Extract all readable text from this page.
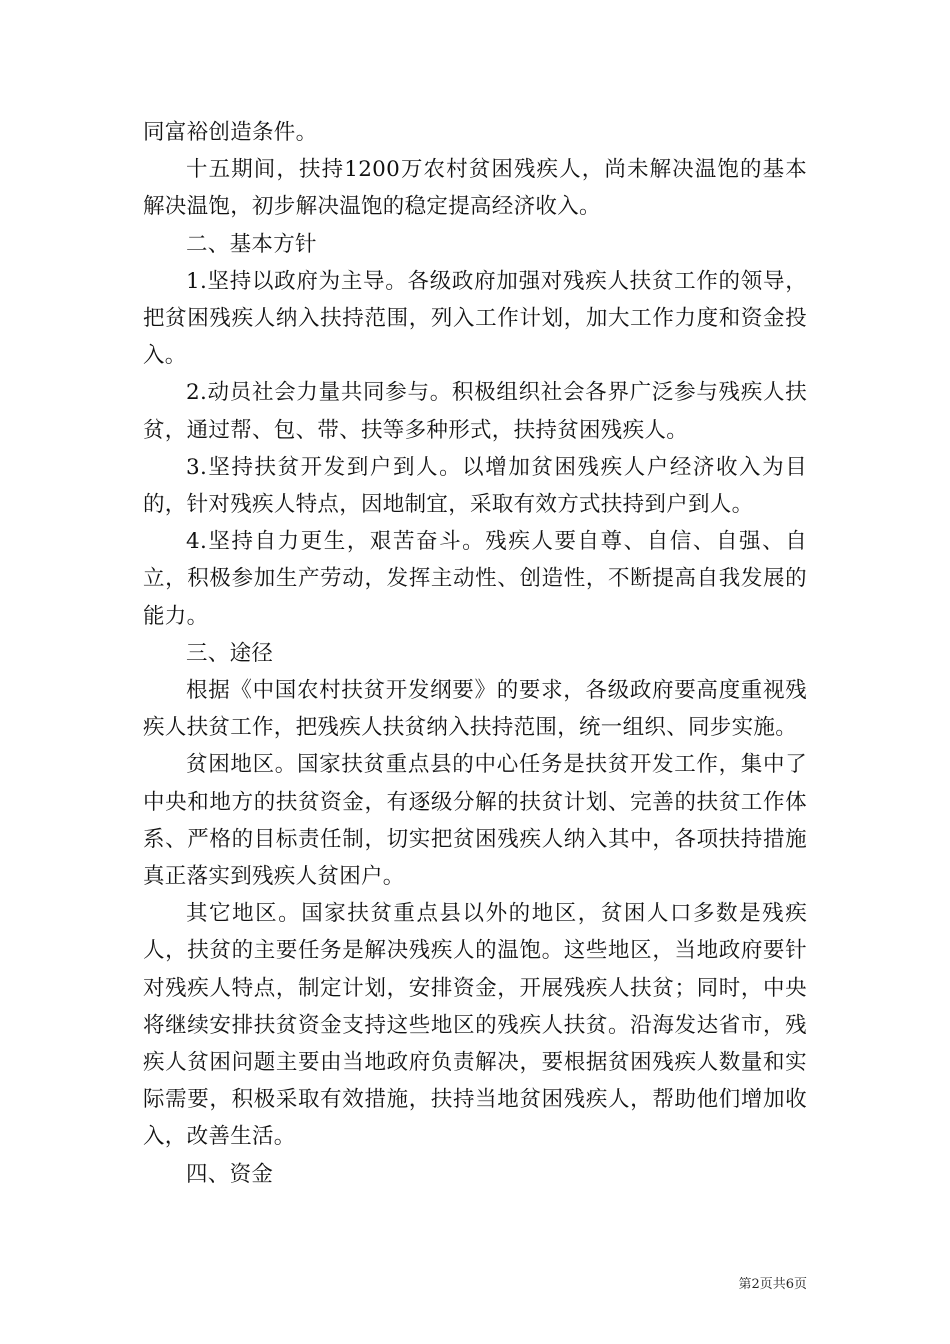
同富裕创造条件。

十五期间，扶持1200万农村贫困残疾人，尚未解决温饱的基本解决温饱，初步解决温饱的稳定提高经济收入。

二、基本方针

1.坚持以政府为主导。各级政府加强对残疾人扶贫工作的领导，把贫困残疾人纳入扶持范围，列入工作计划，加大工作力度和资金投入。

2.动员社会力量共同参与。积极组织社会各界广泛参与残疾人扶贫，通过帮、包、带、扶等多种形式，扶持贫困残疾人。

3.坚持扶贫开发到户到人。以增加贫困残疾人户经济收入为目的，针对残疾人特点，因地制宜，采取有效方式扶持到户到人。

4.坚持自力更生，艰苦奋斗。残疾人要自尊、自信、自强、自立，积极参加生产劳动，发挥主动性、创造性，不断提高自我发展的能力。

三、途径

根据《中国农村扶贫开发纲要》的要求，各级政府要高度重视残疾人扶贫工作，把残疾人扶贫纳入扶持范围，统一组织、同步实施。

贫困地区。国家扶贫重点县的中心任务是扶贫开发工作，集中了中央和地方的扶贫资金，有逐级分解的扶贫计划、完善的扶贫工作体系、严格的目标责任制，切实把贫困残疾人纳入其中，各项扶持措施真正落实到残疾人贫困户。

其它地区。国家扶贫重点县以外的地区，贫困人口多数是残疾人，扶贫的主要任务是解决残疾人的温饱。这些地区，当地政府要针对残疾人特点，制定计划，安排资金，开展残疾人扶贫；同时，中央将继续安排扶贫资金支持这些地区的残疾人扶贫。沿海发达省市，残疾人贫困问题主要由当地政府负责解决，要根据贫困残疾人数量和实际需要，积极采取有效措施，扶持当地贫困残疾人，帮助他们增加收入，改善生活。

四、资金

第2页共6页
